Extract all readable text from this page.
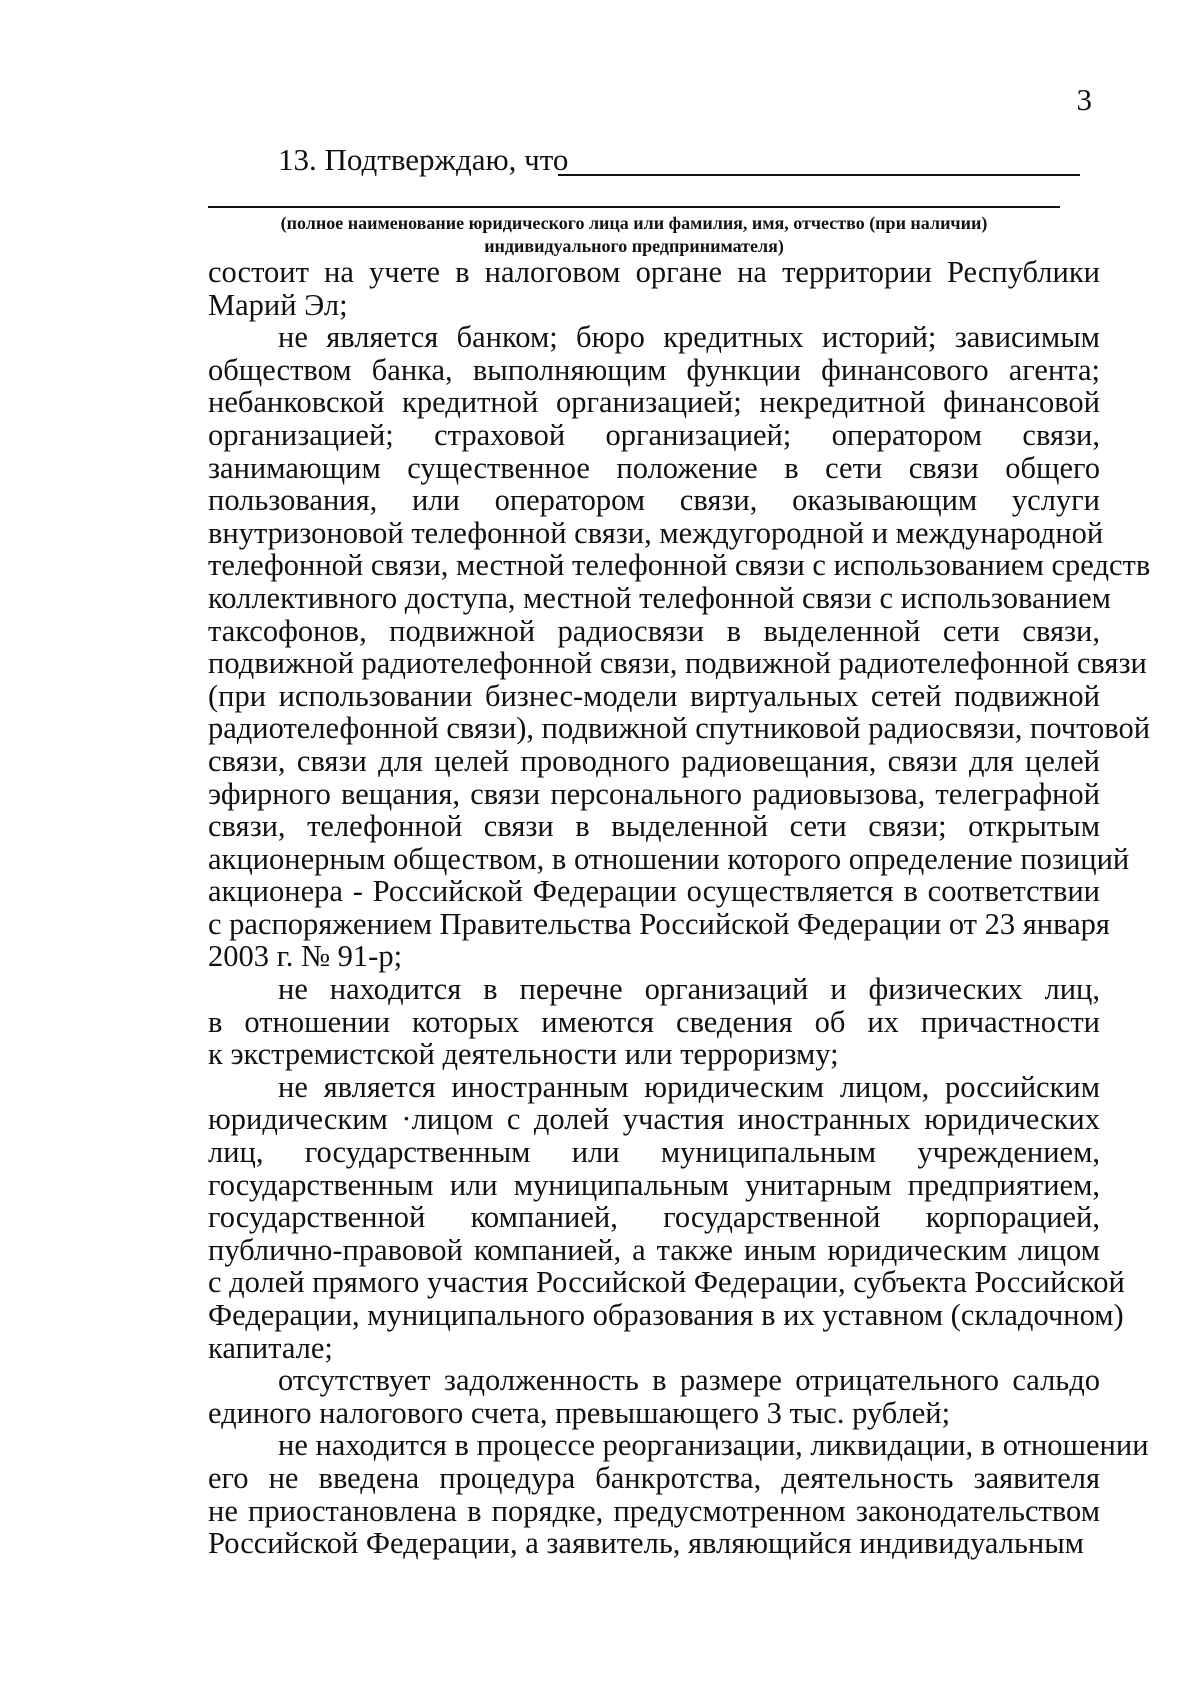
3
13. Подтверждаю, что
(полное наименование юридического лица или фамилия, имя, отчество (при наличии)
индивидуального предпринимателя)
состоит на учете в налоговом органе на территории Республики
Марий Эл;
не является банком; бюро кредитных историй; зависимым
обществом банка, выполняющим функции финансового агента;
небанковской кредитной организацией; некредитной финансовой
организацией; страховой организацией; оператором связи,
занимающим существенное положение в сети связи общего
пользования, или оператором связи, оказывающим услуги
внутризоновой телефонной связи, междугородной и международной
телефонной связи, местной телефонной связи с использованием средств
коллективного доступа, местной телефонной связи с использованием
таксофонов, подвижной радиосвязи в выделенной сети связи,
подвижной радиотелефонной связи, подвижной радиотелефонной связи
(при использовании бизнес-модели виртуальных сетей подвижной
радиотелефонной связи), подвижной спутниковой радиосвязи, почтовой
связи, связи для целей проводного радиовещания, связи для целей
эфирного вещания, связи персонального радиовызова, телеграфной
связи, телефонной связи в выделенной сети связи; открытым
акционерным обществом, в отношении которого определение позиций
акционера - Российской Федерации осуществляется в соответствии
с распоряжением Правительства Российской Федерации от 23 января
2003 г. № 91-р;
не находится в перечне организаций и физических лиц,
в отношении которых имеются сведения об их причастности
к экстремистской деятельности или терроризму;
не является иностранным юридическим лицом, российским
юридическим ·лицом с долей участия иностранных юридических
лиц, государственным или муниципальным учреждением,
государственным или муниципальным унитарным предприятием,
государственной компанией, государственной корпорацией,
публично-правовой компанией, а также иным юридическим лицом
с долей прямого участия Российской Федерации, субъекта Российской
Федерации, муниципального образования в их уставном (складочном)
капитале;
отсутствует задолженность в размере отрицательного сальдо
единого налогового счета, превышающего 3 тыс. рублей;
не находится в процессе реорганизации, ликвидации, в отношении
его не введена процедура банкротства, деятельность заявителя
не приостановлена в порядке, предусмотренном законодательством
Российской Федерации, а заявитель, являющийся индивидуальным
